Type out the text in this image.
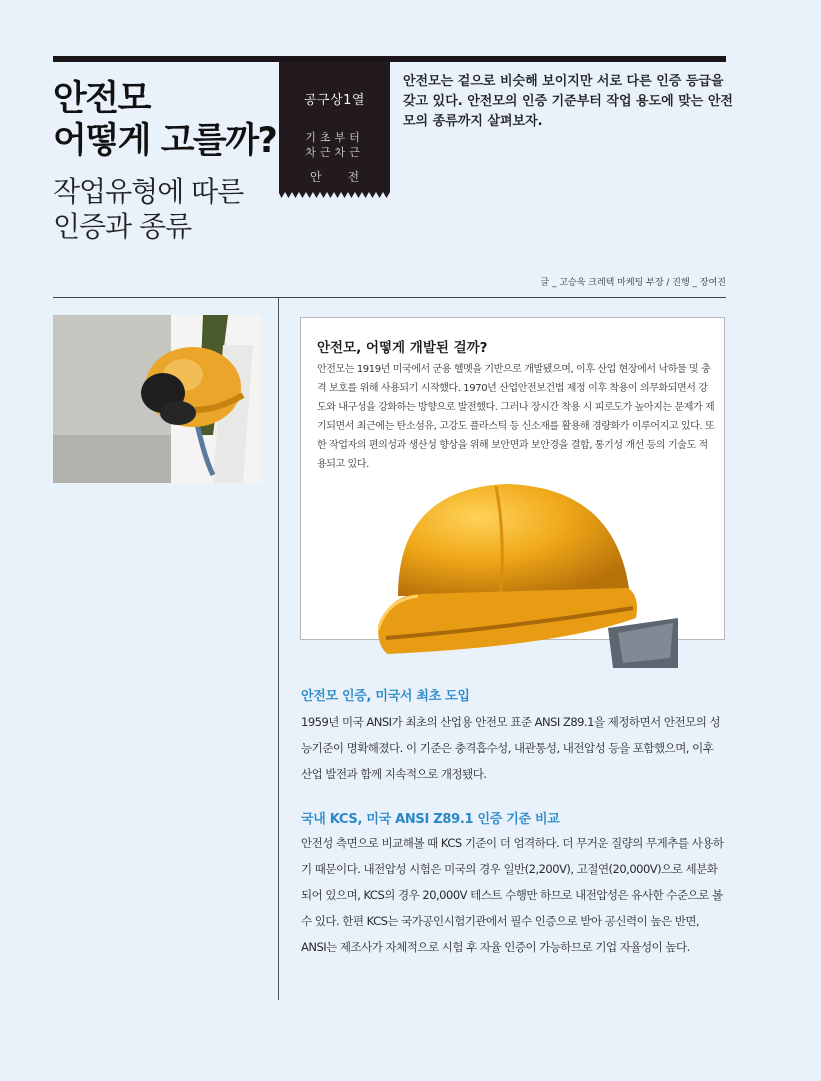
안전모
어떻게 고를까?
작업유형에 따른
인증과 종류
공구상1열
기초부터
차근차근
안 전
안전모는 겉으로 비슷해 보이지만 서로 다른 인증 등급을 갖고 있다. 안전모의 인증 기준부터 작업 용도에 맞는 안전모의 종류까지 살펴보자.
글 _ 고승욱 크레텍 마케팅 부장 / 진행 _ 장여진
안전모, 어떻게 개발된 걸까?

안전모는 1919년 미국에서 군용 헬멧을 기반으로 개발됐으며, 이후 산업 현장에서 낙하물 및 충격 보호를 위해 사용되기 시작했다. 1970년 산업안전보건법 제정 이후 착용이 의무화되면서 강도와 내구성을 강화하는 방향으로 발전했다. 그러나 장시간 착용 시 피로도가 높아지는 문제가 제기되면서 최근에는 탄소섬유, 고강도 플라스틱 등 신소재를 활용해 경량화가 이루어지고 있다. 또한 작업자의 편의성과 생산성 향상을 위해 보안면과 보안경을 결합, 통기성 개선 등의 기술도 적용되고 있다.

안전모 인증, 미국서 최초 도입
1959년 미국 ANSI가 최초의 산업용 안전모 표준 ANSI Z89.1을 제정하면서 안전모의 성능기준이 명확해졌다. 이 기준은 충격흡수성, 내관통성, 내전압성 등을 포함했으며, 이후 산업 발전과 함께 지속적으로 개정됐다.
국내 KCS, 미국 ANSI Z89.1 인증 기준 비교
안전성 측면으로 비교해볼 때 KCS 기준이 더 엄격하다. 더 무거운 질량의 무게추를 사용하기 때문이다. 내전압성 시험은 미국의 경우 일반(2,200V), 고절연(20,000V)으로 세분화되어 있으며, KCS의 경우 20,000V 테스트 수행만 하므로 내전압성은 유사한 수준으로 볼 수 있다. 한편 KCS는 국가공인시험기관에서 필수 인증으로 받아 공신력이 높은 반면, ANSI는 제조사가 자체적으로 시험 후 자율 인증이 가능하므로 기업 자율성이 높다.
